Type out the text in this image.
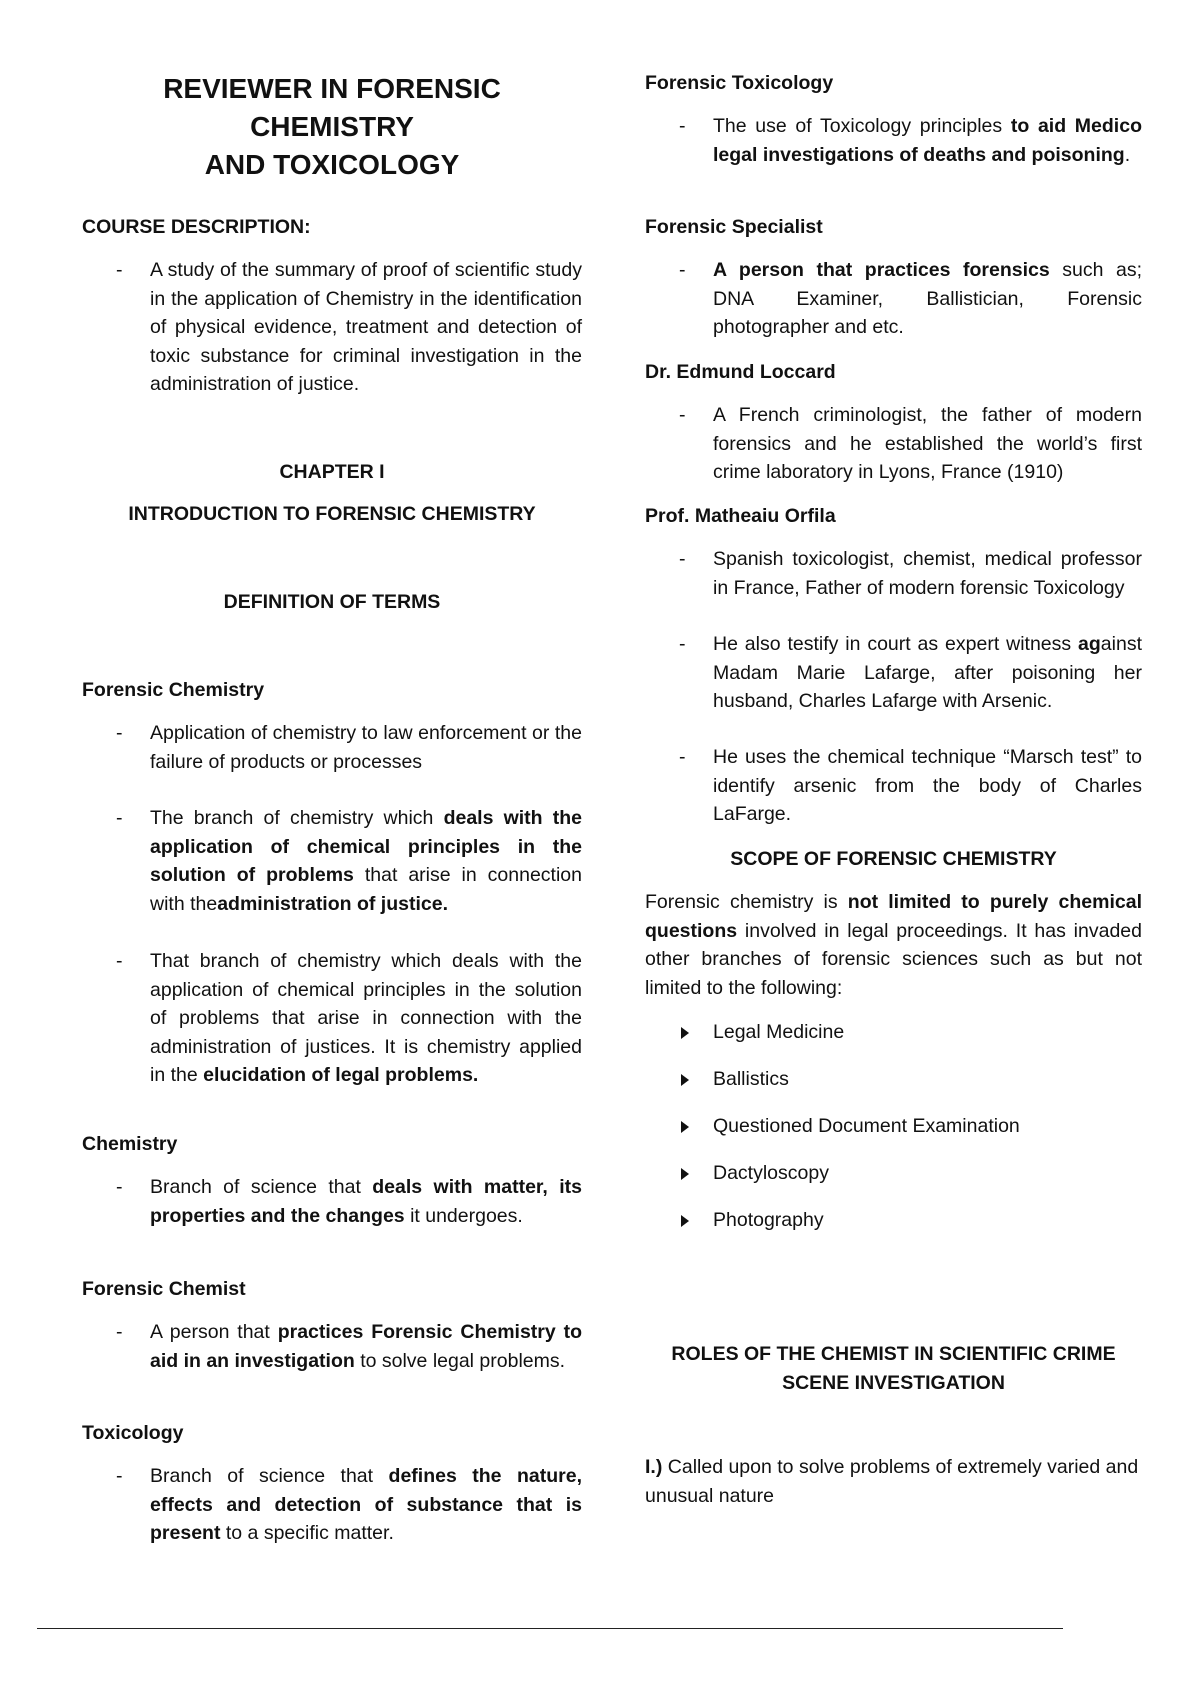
REVIEWER IN FORENSIC CHEMISTRY
AND TOXICOLOGY
COURSE DESCRIPTION:
- A study of the summary of proof of scientific study in the application of Chemistry in the identification of physical evidence, treatment and detection of toxic substance for criminal investigation in the administration of justice.
CHAPTER I
INTRODUCTION TO FORENSIC CHEMISTRY
DEFINITION OF TERMS
Forensic Chemistry
- Application of chemistry to law enforcement or the failure of products or processes
- The branch of chemistry which deals with the application of chemical principles in the solution of problems that arise in connection with theadministration of justice.
- That branch of chemistry which deals with the application of chemical principles in the solution of problems that arise in connection with the administration of justices. It is chemistry applied in the elucidation of legal problems.
Chemistry
- Branch of science that deals with matter, its properties and the changes it undergoes.
Forensic Chemist
- A person that practices Forensic Chemistry to aid in an investigation to solve legal problems.
Toxicology
- Branch of science that defines the nature, effects and detection of substance that is present to a specific matter.
Forensic Toxicology
- The use of Toxicology principles to aid Medico legal investigations of deaths and poisoning.
Forensic Specialist
- A person that practices forensics such as; DNA Examiner, Ballistician, Forensic photographer and etc.
Dr. Edmund Loccard
- A French criminologist, the father of modern forensics and he established the world’s first crime laboratory in Lyons, France (1910)
Prof. Matheaiu Orfila
- Spanish toxicologist, chemist, medical professor in France, Father of modern forensic Toxicology
- He also testify in court as expert witness against Madam Marie Lafarge, after poisoning her husband, Charles Lafarge with Arsenic.
- He uses the chemical technique “Marsch test” to identify arsenic from the body of Charles LaFarge.
SCOPE OF FORENSIC CHEMISTRY
Forensic chemistry is not limited to purely chemical questions involved in legal proceedings. It has invaded other branches of forensic sciences such as but not limited to the following:
Legal Medicine
Ballistics
Questioned Document Examination
Dactyloscopy
Photography
ROLES OF THE CHEMIST IN SCIENTIFIC CRIME
SCENE INVESTIGATION
I.) Called upon to solve problems of extremely varied and unusual nature
